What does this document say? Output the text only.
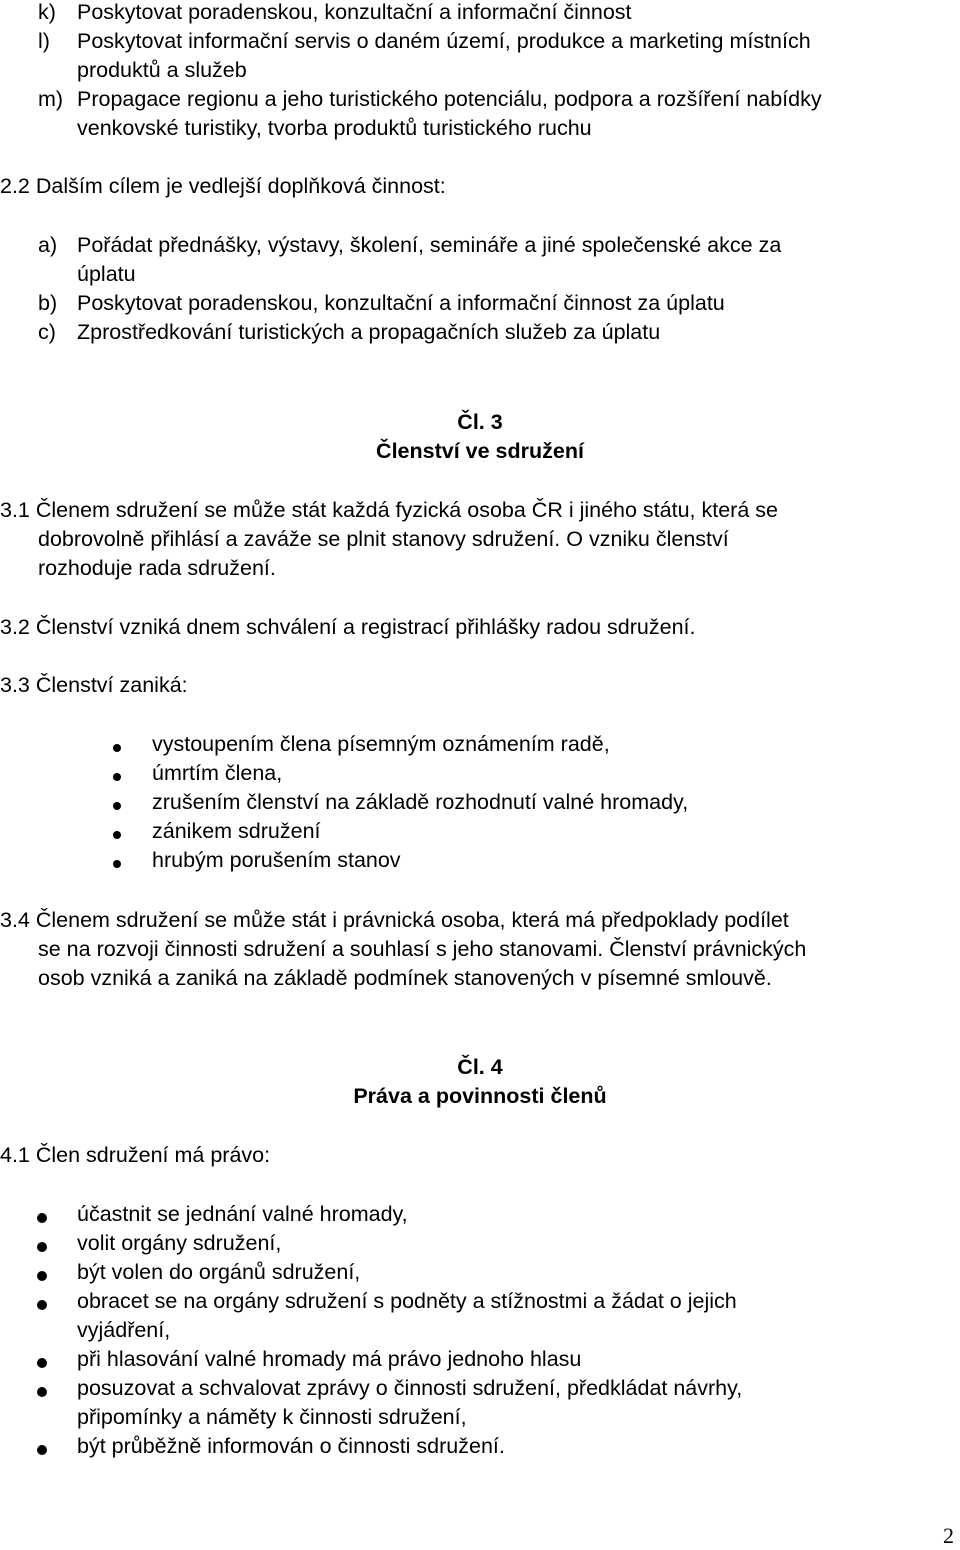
k) Poskytovat poradenskou, konzultační a informační činnost
l) Poskytovat informační servis o daném území, produkce a marketing místních
produktů a služeb
m) Propagace regionu a jeho turistického potenciálu, podpora a rozšíření nabídky
venkovské turistiky, tvorba produktů turistického ruchu
2.2 Dalším cílem je vedlejší doplňková činnost:
a) Pořádat přednášky, výstavy, školení, semináře a jiné společenské akce za
úplatu
b) Poskytovat poradenskou, konzultační a informační činnost za úplatu
c) Zprostředkování turistických a propagačních služeb za úplatu
Čl. 3
Členství ve sdružení
3.1 Členem sdružení se může stát každá fyzická osoba ČR i jiného státu, která se
dobrovolně přihlásí a zaváže se plnit stanovy sdružení. O vzniku členství
rozhoduje rada sdružení.
3.2 Členství vzniká dnem schválení a registrací přihlášky radou sdružení.
3.3 Členství zaniká:
vystoupením člena písemným oznámením radě,
úmrtím člena,
zrušením členství na základě rozhodnutí valné hromady,
zánikem sdružení
hrubým porušením stanov
3.4 Členem sdružení se může stát i právnická osoba, která má předpoklady podílet
se na rozvoji činnosti sdružení a souhlasí s jeho stanovami. Členství právnických
osob vzniká a zaniká na základě podmínek stanovených v písemné smlouvě.
Čl. 4
Práva a povinnosti členů
4.1 Člen sdružení má právo:
účastnit se jednání valné hromady,
volit orgány sdružení,
být volen do orgánů sdružení,
obracet se na orgány sdružení s podněty a stížnostmi a žádat o jejich
vyjádření,
při hlasování valné hromady má právo jednoho hlasu
posuzovat a schvalovat zprávy o činnosti sdružení, předkládat návrhy,
připomínky a náměty k činnosti sdružení,
být průběžně informován o činnosti sdružení.
2
